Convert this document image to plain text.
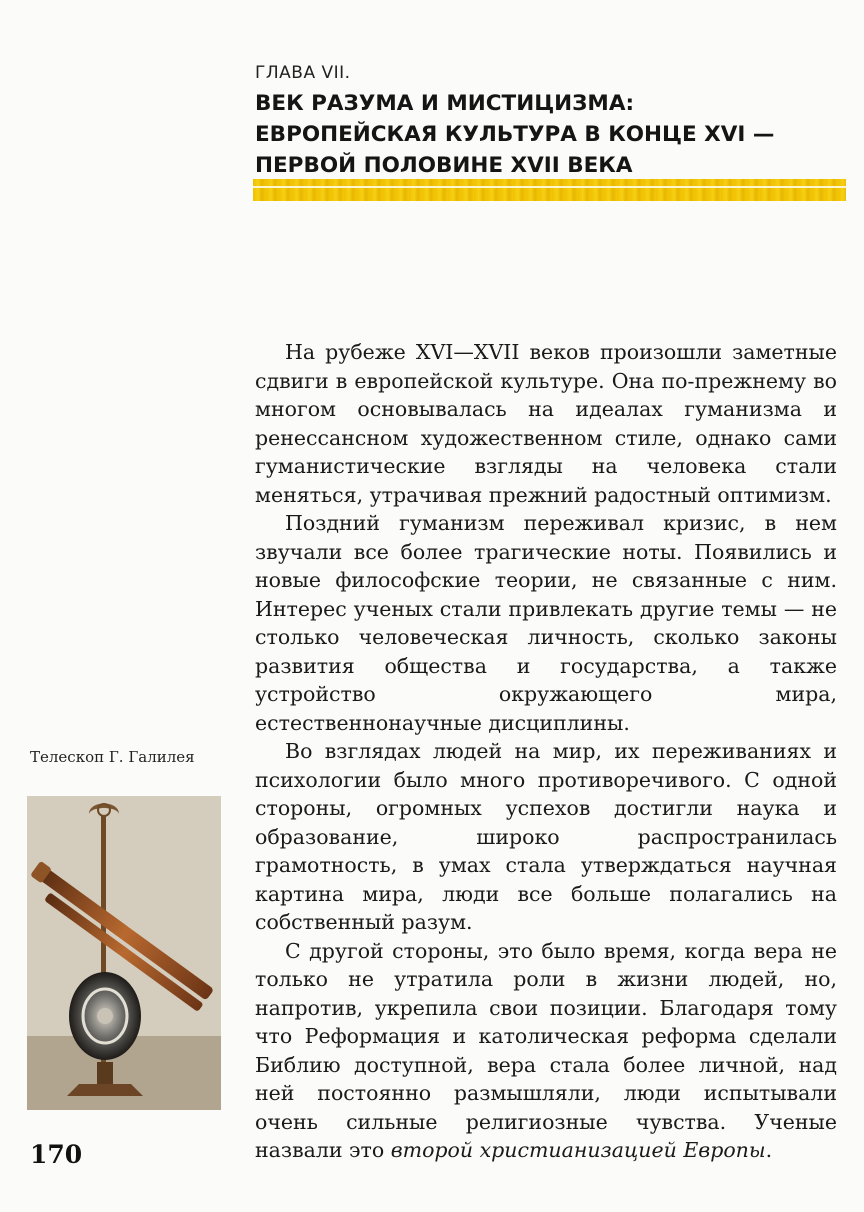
ГЛАВА VII.
ВЕК РАЗУМА И МИСТИЦИЗМА:
ЕВРОПЕЙСКАЯ КУЛЬТУРА В КОНЦЕ XVI —
ПЕРВОЙ ПОЛОВИНЕ XVII ВЕКА

На рубеже XVI—XVII веков произошли заметные сдвиги в европейской культуре. Она по-прежнему во многом основывалась на идеалах гуманизма и ренессансном художественном стиле, однако сами гуманистические взгляды на человека стали меняться, утрачивая прежний радостный оптимизм.

Поздний гуманизм переживал кризис, в нем звучали все более трагические ноты. Появились и новые философские теории, не связанные с ним. Интерес ученых стали привлекать другие темы — не столько человеческая личность, сколько законы развития общества и государства, а также устройство окружающего мира, естественнонаучные дисциплины.

Во взглядах людей на мир, их переживаниях и психологии было много противоречивого. С одной стороны, огромных успехов достигли наука и образование, широко распространилась грамотность, в умах стала утверждаться научная картина мира, люди все больше полагались на собственный разум.

С другой стороны, это было время, когда вера не только не утратила роли в жизни людей, но, напротив, укрепила свои позиции. Благодаря тому что Реформация и католическая реформа сделали Библию доступной, вера стала более личной, над ней постоянно размышляли, люди испытывали очень сильные религиозные чувства. Ученые назвали это второй христианизацией Европы.

Телескоп Г. Галилея
170
